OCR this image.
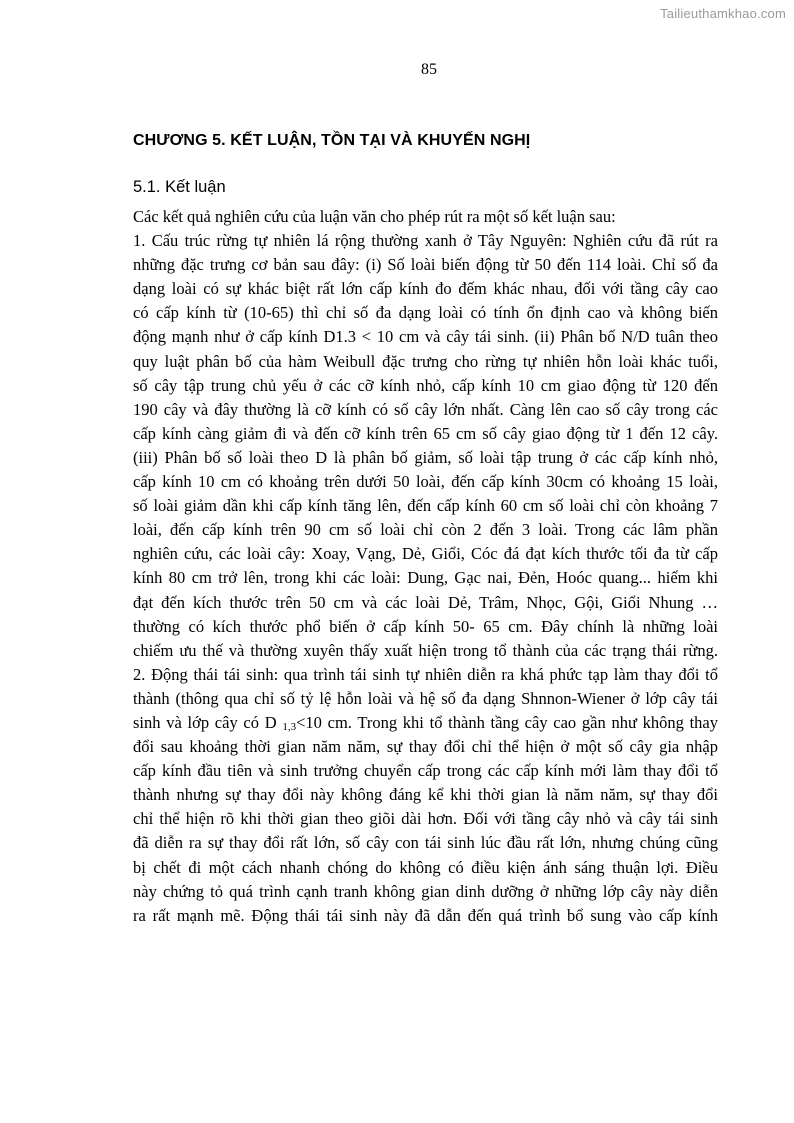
Tailieuthamkhao.com
85
CHƯƠNG 5. KẾT LUẬN, TỒN TẠI VÀ KHUYẾN NGHỊ
5.1. Kết luận
Các kết quả nghiên cứu của luận văn cho phép rút ra một số kết luận sau:
1. Cấu trúc rừng tự nhiên lá rộng thường xanh ở Tây Nguyên: Nghiên cứu đã rút ra
những đặc trưng cơ bản sau đây: (i) Số loài biến động từ 50 đến 114 loài. Chỉ số đa
dạng loài có sự khác biệt rất lớn cấp kính đo đếm khác nhau, đối với tầng cây cao
có cấp kính từ (10-65) thì chỉ số đa dạng loài có tính ổn định cao và không biến
động mạnh như ở cấp kính D1.3 < 10 cm và cây tái sinh. (ii) Phân bố N/D tuân theo
quy luật phân bố của hàm Weibull đặc trưng cho rừng tự nhiên hỗn loài khác tuổi,
số cây tập trung chủ yếu ở các cỡ kính nhỏ, cấp kính 10 cm giao động từ 120 đến
190 cây và đây thường là cỡ kính có số cây lớn nhất. Càng lên cao số cây trong các
cấp kính càng giảm đi và đến cỡ kính trên 65 cm số cây giao động từ 1 đến 12 cây.
(iii) Phân bố số loài theo D là phân bố giảm, số loài tập trung ở các cấp kính nhỏ,
cấp kính 10 cm có khoảng trên dưới 50 loài, đến cấp kính 30cm có khoảng 15 loài,
số loài giảm dần khi cấp kính tăng lên, đến cấp kính 60 cm số loài chỉ còn khoảng 7
loài, đến cấp kính trên 90 cm số loài chỉ còn 2 đến 3 loài. Trong các lâm phần
nghiên cứu, các loài cây: Xoay, Vạng, Dẻ, Giổi, Cóc đá đạt kích thước tối đa từ cấp
kính 80 cm trở lên, trong khi các loài: Dung, Gạc nai, Đẻn, Hoóc quang... hiếm khi
đạt đến kích thước trên 50 cm và các loài Dẻ, Trâm, Nhọc, Gội, Giổi Nhung …
thường có kích thước phổ biến ở cấp kính 50- 65 cm. Đây chính là những loài
chiếm ưu thế và thường xuyên thấy xuất hiện trong tổ thành của các trạng thái rừng.
2. Động thái tái sinh: qua trình tái sinh tự nhiên diễn ra khá phức tạp làm thay đổi tổ
thành (thông qua chỉ số tỷ lệ hỗn loài và hệ số đa dạng Shnnon-Wiener ở lớp cây tái
sinh và lớp cây có D 1,3<10 cm. Trong khi tổ thành tầng cây cao gần như không thay
đổi sau khoảng thời gian năm năm, sự thay đổi chỉ thể hiện ở một số cây gia nhập
cấp kính đầu tiên và sinh trưởng chuyển cấp trong các cấp kính mới làm thay đổi tổ
thành nhưng sự thay đổi này không đáng kể khi thời gian là năm năm, sự thay đổi
chỉ thể hiện rõ khi thời gian theo giõi dài hơn. Đối với tầng cây nhỏ và cây tái sinh
đã diễn ra sự thay đổi rất lớn, số cây con tái sinh lúc đầu rất lớn, nhưng chúng cũng
bị chết đi một cách nhanh chóng do không có điều kiện ánh sáng thuận lợi. Điều
này chứng tỏ quá trình cạnh tranh không gian dinh dưỡng ở những lớp cây này diễn
ra rất mạnh mẽ. Động thái tái sinh này đã dẫn đến quá trình bổ sung vào cấp kính
